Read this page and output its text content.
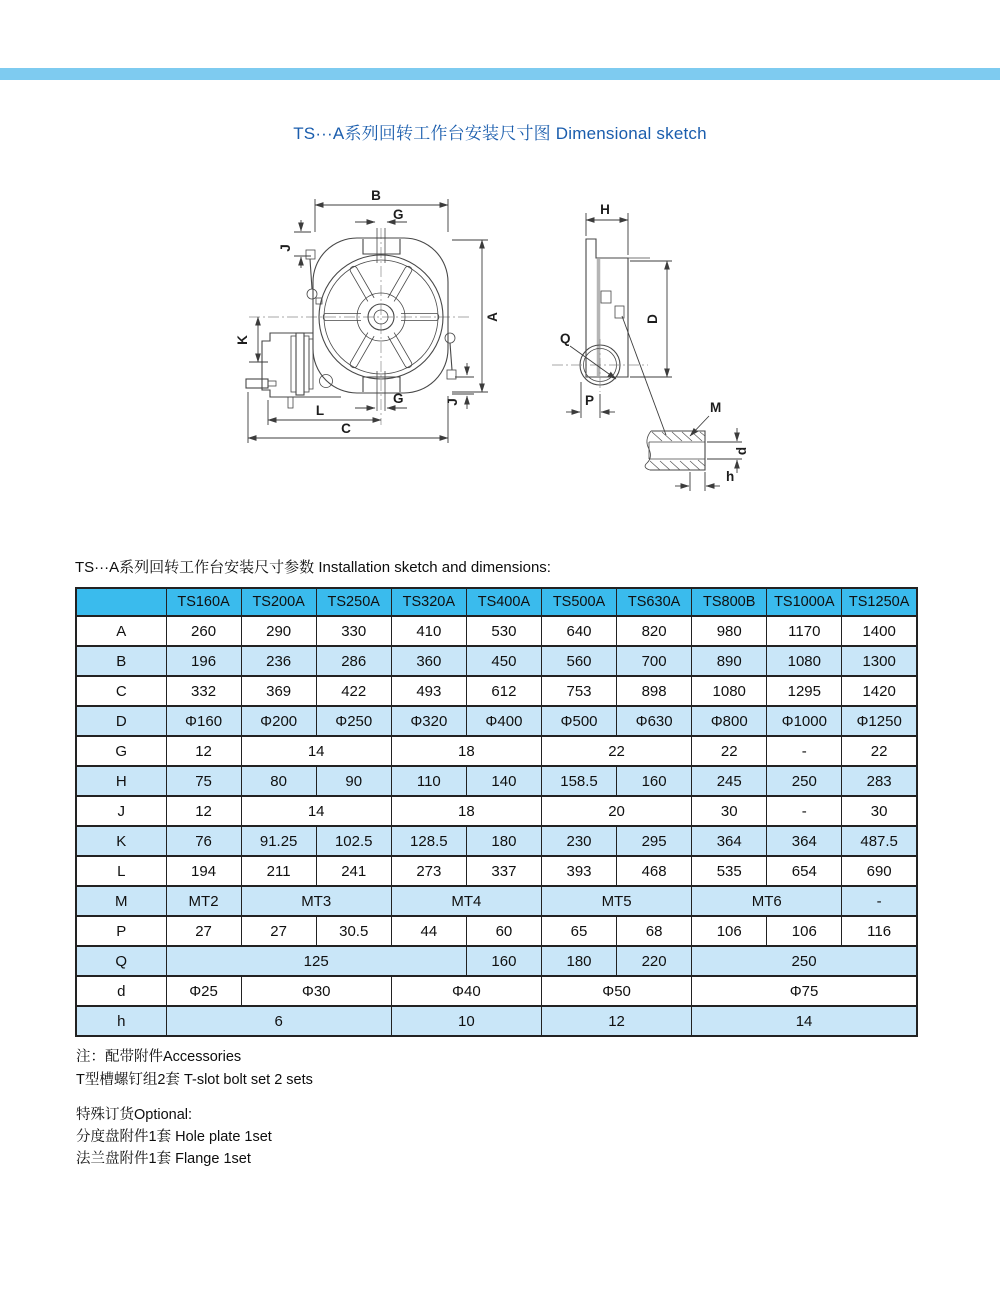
TS···A系列回转工作台安装尺寸图 Dimensional sketch
B
G
J
A
K
L
C
G	J
H
D
Q
P	M
d
h
TS···A系列回转工作台安装尺寸参数 Installation sketch and dimensions:
	TS160A	TS200A	TS250A	TS320A	TS400A	TS500A	TS630A	TS800B	TS1000A	TS1250A
A	260	290	330	410	530	640	820	980	1170	1400
B	196	236	286	360	450	560	700	890	1080	1300
C	332	369	422	493	612	753	898	1080	1295	1420
D	Φ160	Φ200	Φ250	Φ320	Φ400	Φ500	Φ630	Φ800	Φ1000	Φ1250
G	12	14		18		22		22	-	22
H	75	80	90	110	140	158.5	160	245	250	283
J	12	14		18		20		30	-	30
K	76	91.25	102.5	128.5	180	230	295	364	364	487.5
L	194	211	241	273	337	393	468	535	654	690
M	MT2	MT3		MT4		MT5		MT6		-
P	27	27	30.5	44	60	65	68	106	106	116
Q	125				160	180	220	250		
d	Φ25	Φ30		Φ40		Φ50		Φ75		
h	6			10		12		14		

注：配带附件Accessories

T型槽螺钉组2套 T-slot bolt set 2 sets

特殊订货Optional:

分度盘附件1套 Hole plate 1set

法兰盘附件1套 Flange 1set
